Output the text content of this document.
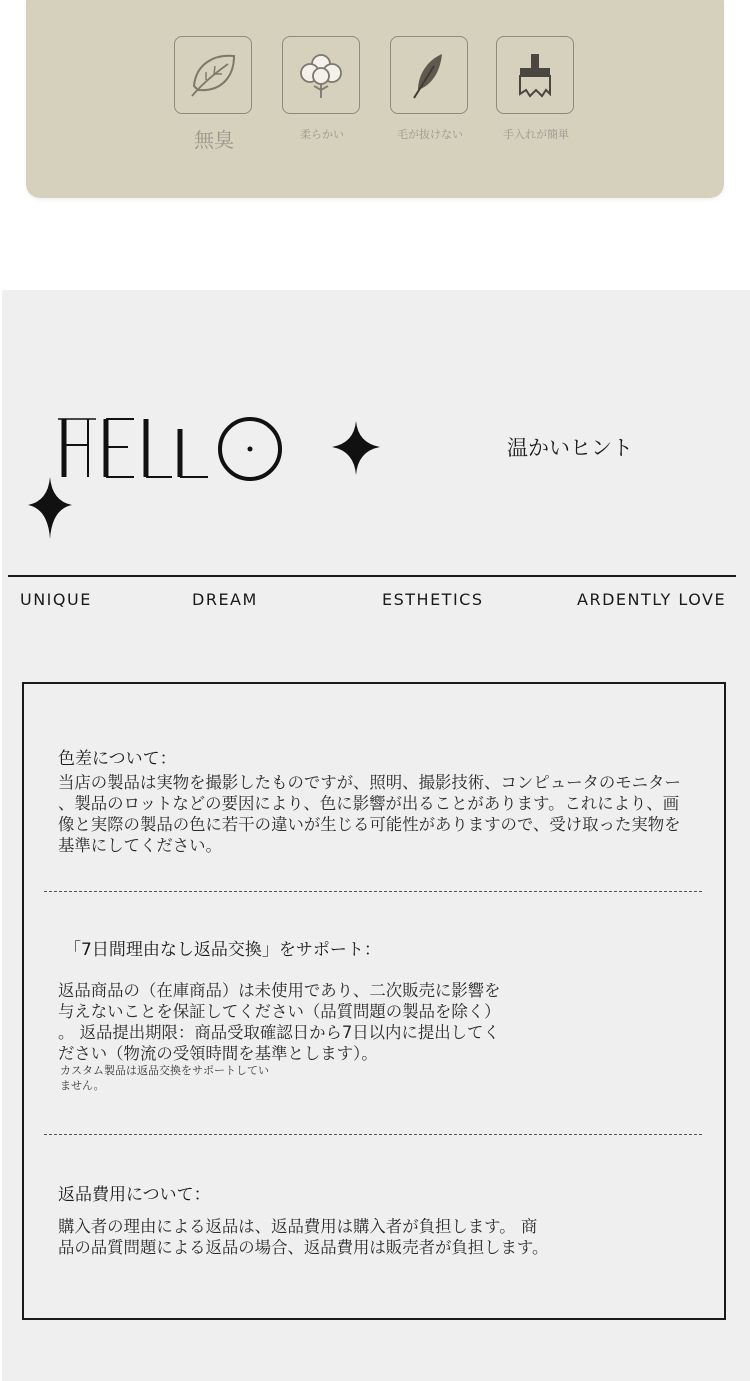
無臭	柔らかい	毛が抜けない	手入れが簡単
温かいヒント
UNIQUE	DREAM	ESTHETICS	ARDENTLY LOVE
色差について：
当店の製品は実物を撮影したものですが、照明、撮影技術、コンピュータのモニター
、製品のロットなどの要因により、色に影響が出ることがあります。これにより、画
像と実際の製品の色に若干の違いが生じる可能性がありますので、受け取った実物を
基準にしてください。
「7日間理由なし返品交換」をサポート：
返品商品の（在庫商品）は未使用であり、二次販売に影響を
与えないことを保証してください（品質問題の製品を除く）
。 返品提出期限：商品受取確認日から7日以内に提出してく
ださい（物流の受領時間を基準とします）。
カスタム製品は返品交換をサポートしてい
ません。
返品費用について：
購入者の理由による返品は、返品費用は購入者が負担します。 商
品の品質問題による返品の場合、返品費用は販売者が負担します。
